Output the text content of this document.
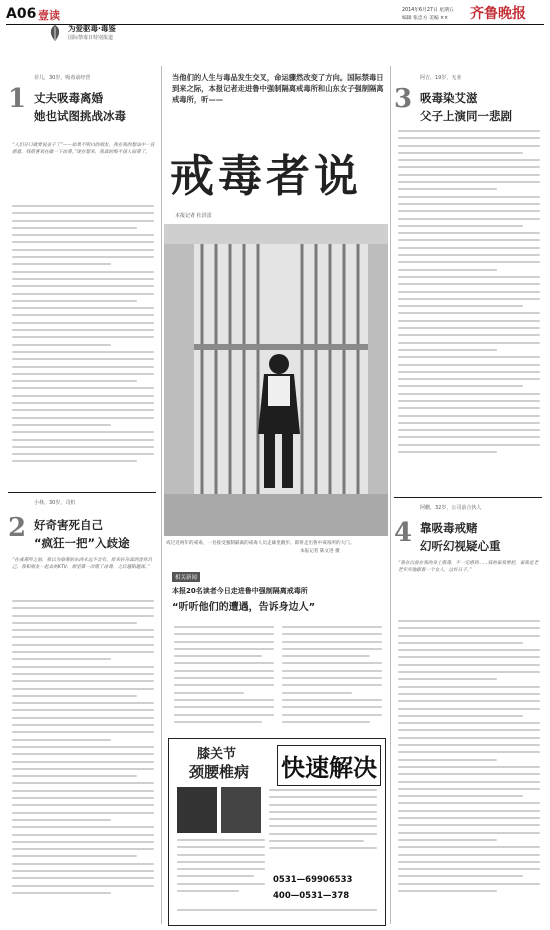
A06 壹读
为爱驱毒·毒鉴
国际禁毒日特别报道
2014年6月27日 星期五
编辑 张忠方 美编 ×× 齐鲁晚报
1
菲儿，30岁，吸毒前经营
丈夫吸毒离婚
她也试图挑战冰毒
“人们开口就要说金子了”——如果不明白的朋友，我在我的想法中一直感恩，我很喜欢在做一下冰毒。”现在想来，我真的悔不该人间毒了。
2
小林，30岁，司机
好奇害死自己
“疯狂一把”入歧途
“在戒毒所之前，我以为染毒的东西永远不会有，原来好奇真的害死自己，我和朋友一起去的KTV，那里第一次吸了冰毒，之后越陷越深。”
当他们的人生与毒品发生交叉，命运骤然改变了方向。国际禁毒日到来之际，本报记者走进鲁中强制隔离戒毒所和山东女子强制隔离戒毒所，听——
戒毒者说
本报记者 杜洪雷
戒过近两年的戒毒，一名接受强制隔离的戒毒人员走廊里踱步。即将走出鲁中戒毒所的大门。
本报记者 陈文进 摄
相关新闻
本报20名读者今日走进鲁中强制隔离戒毒所
“听听他们的遭遇，告诉身边人”
膝关节
颈腰椎病 快速解决
0531—69906533
400—0531—378
3
阿吉，19岁，无业
吸毒染艾滋
父子上演同一悲剧
4
阿鹏，32岁，公司前合伙人
靠吸毒戒赌
幻听幻视疑心重
“我在以前在我的身上吸毒，不一定感到……我的家我要把，家我是老老实实地跟着一个女人，过好日子。”
